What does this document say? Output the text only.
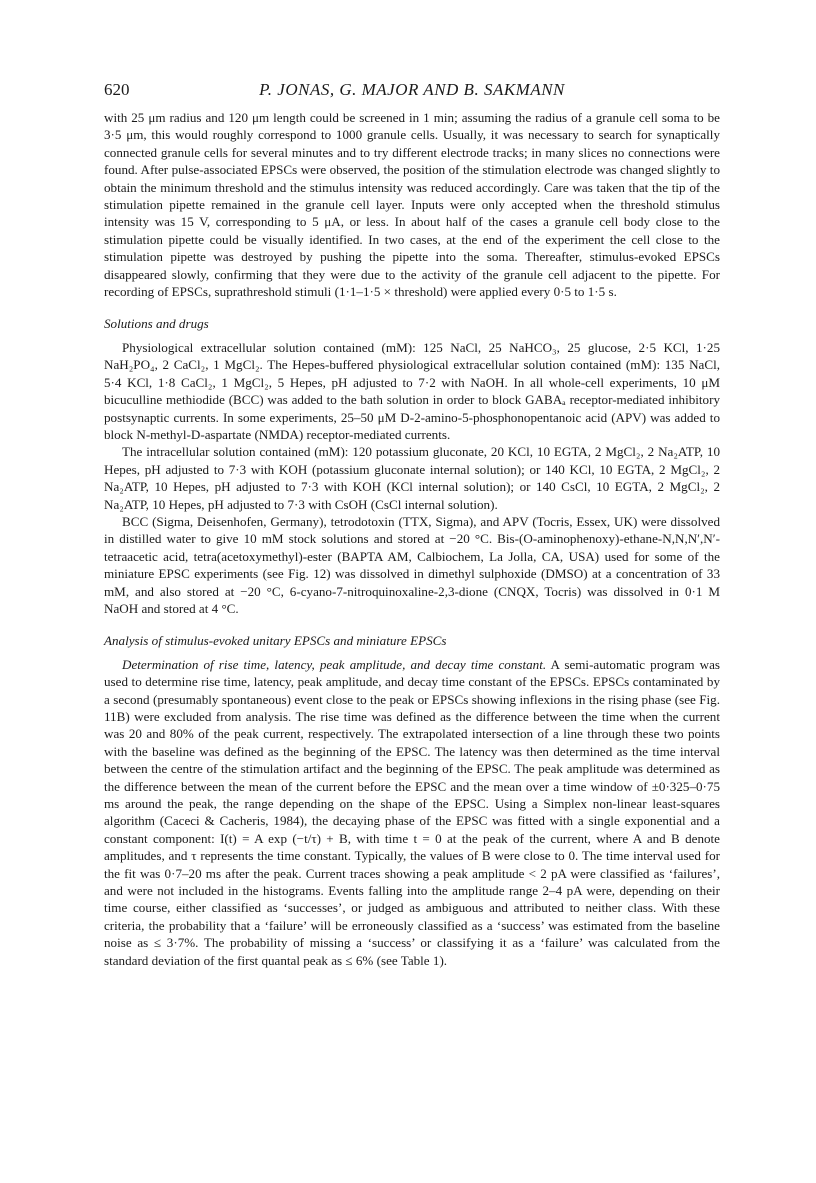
620	P. JONAS, G. MAJOR AND B. SAKMANN

with 25 μm radius and 120 μm length could be screened in 1 min; assuming the radius of a granule cell soma to be 3·5 μm, this would roughly correspond to 1000 granule cells. Usually, it was necessary to search for synaptically connected granule cells for several minutes and to try different electrode tracks; in many slices no connections were found. After pulse-associated EPSCs were observed, the position of the stimulation electrode was changed slightly to obtain the minimum threshold and the stimulus intensity was reduced accordingly. Care was taken that the tip of the stimulation pipette remained in the granule cell layer. Inputs were only accepted when the threshold stimulus intensity was 15 V, corresponding to 5 μA, or less. In about half of the cases a granule cell body close to the stimulation pipette could be visually identified. In two cases, at the end of the experiment the cell close to the stimulation pipette was destroyed by pushing the pipette into the soma. Thereafter, stimulus-evoked EPSCs disappeared slowly, confirming that they were due to the activity of the granule cell adjacent to the pipette. For recording of EPSCs, suprathreshold stimuli (1·1–1·5 × threshold) were applied every 0·5 to 1·5 s.

Solutions and drugs

Physiological extracellular solution contained (mM): 125 NaCl, 25 NaHCO₃, 25 glucose, 2·5 KCl, 1·25 NaH₂PO₄, 2 CaCl₂, 1 MgCl₂. The Hepes-buffered physiological extracellular solution contained (mM): 135 NaCl, 5·4 KCl, 1·8 CaCl₂, 1 MgCl₂, 5 Hepes, pH adjusted to 7·2 with NaOH. In all whole-cell experiments, 10 μM bicuculline methiodide (BCC) was added to the bath solution in order to block GABAₐ receptor-mediated inhibitory postsynaptic currents. In some experiments, 25–50 μM D-2-amino-5-phosphonopentanoic acid (APV) was added to block N-methyl-D-aspartate (NMDA) receptor-mediated currents.

The intracellular solution contained (mM): 120 potassium gluconate, 20 KCl, 10 EGTA, 2 MgCl₂, 2 Na₂ATP, 10 Hepes, pH adjusted to 7·3 with KOH (potassium gluconate internal solution); or 140 KCl, 10 EGTA, 2 MgCl₂, 2 Na₂ATP, 10 Hepes, pH adjusted to 7·3 with KOH (KCl internal solution); or 140 CsCl, 10 EGTA, 2 MgCl₂, 2 Na₂ATP, 10 Hepes, pH adjusted to 7·3 with CsOH (CsCl internal solution).

BCC (Sigma, Deisenhofen, Germany), tetrodotoxin (TTX, Sigma), and APV (Tocris, Essex, UK) were dissolved in distilled water to give 10 mM stock solutions and stored at −20 °C. Bis-(O-aminophenoxy)-ethane-N,N,N′,N′-tetraacetic acid, tetra(acetoxymethyl)-ester (BAPTA AM, Calbiochem, La Jolla, CA, USA) used for some of the miniature EPSC experiments (see Fig. 12) was dissolved in dimethyl sulphoxide (DMSO) at a concentration of 33 mM, and also stored at −20 °C, 6-cyano-7-nitroquinoxaline-2,3-dione (CNQX, Tocris) was dissolved in 0·1 M NaOH and stored at 4 °C.

Analysis of stimulus-evoked unitary EPSCs and miniature EPSCs

Determination of rise time, latency, peak amplitude, and decay time constant. A semi-automatic program was used to determine rise time, latency, peak amplitude, and decay time constant of the EPSCs. EPSCs contaminated by a second (presumably spontaneous) event close to the peak or EPSCs showing inflexions in the rising phase (see Fig. 11B) were excluded from analysis. The rise time was defined as the difference between the time when the current was 20 and 80% of the peak current, respectively. The extrapolated intersection of a line through these two points with the baseline was defined as the beginning of the EPSC. The latency was then determined as the time interval between the centre of the stimulation artifact and the beginning of the EPSC. The peak amplitude was determined as the difference between the mean of the current before the EPSC and the mean over a time window of ±0·325–0·75 ms around the peak, the range depending on the shape of the EPSC. Using a Simplex non-linear least-squares algorithm (Caceci & Cacheris, 1984), the decaying phase of the EPSC was fitted with a single exponential and a constant component: I(t) = A exp (−t/τ) + B, with time t = 0 at the peak of the current, where A and B denote amplitudes, and τ represents the time constant. Typically, the values of B were close to 0. The time interval used for the fit was 0·7–20 ms after the peak. Current traces showing a peak amplitude < 2 pA were classified as ‘failures’, and were not included in the histograms. Events falling into the amplitude range 2–4 pA were, depending on their time course, either classified as ‘successes’, or judged as ambiguous and attributed to neither class. With these criteria, the probability that a ‘failure’ will be erroneously classified as a ‘success’ was estimated from the baseline noise as ≤ 3·7%. The probability of missing a ‘success’ or classifying it as a ‘failure’ was calculated from the standard deviation of the first quantal peak as ≤ 6% (see Table 1).
